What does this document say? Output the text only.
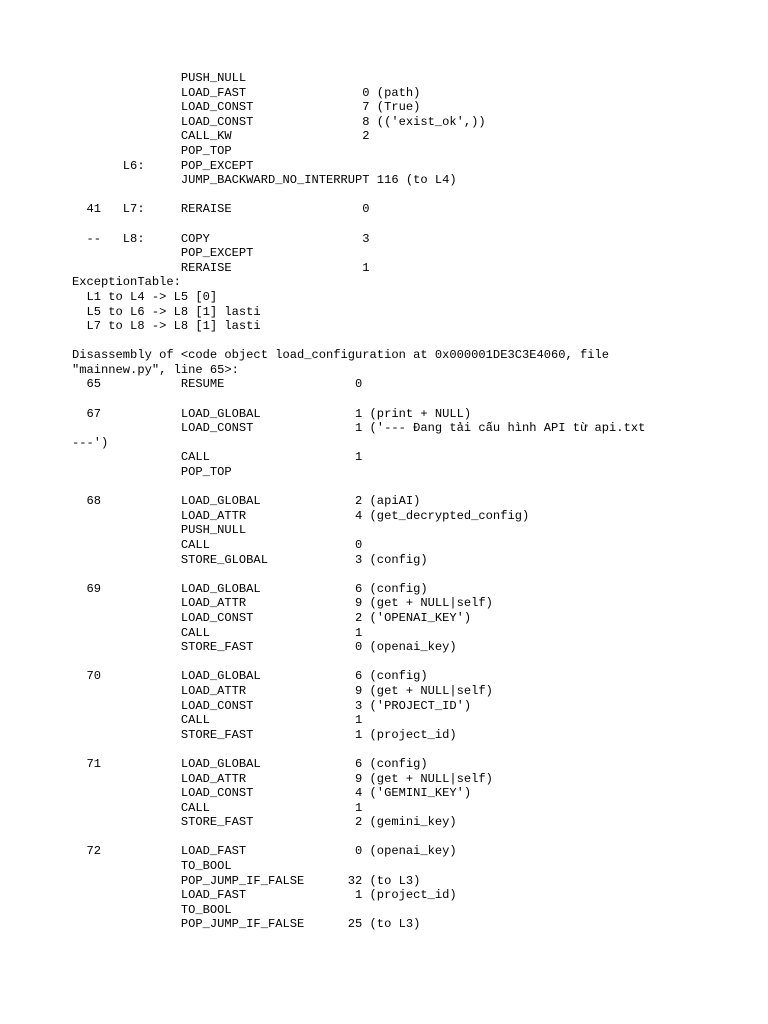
PUSH_NULL
LOAD_FAST                0 (path)
LOAD_CONST               7 (True)
LOAD_CONST               8 (('exist_ok',))
CALL_KW                  2
POP_TOP
L6:     POP_EXCEPT
JUMP_BACKWARD_NO_INTERRUPT 116 (to L4)
41   L7:     RERAISE                  0
--   L8:     COPY                     3
POP_EXCEPT
RERAISE                  1
ExceptionTable:
L1 to L4 -> L5 [0]
L5 to L6 -> L8 [1] lasti
L7 to L8 -> L8 [1] lasti
Disassembly of <code object load_configuration at 0x000001DE3C3E4060, file
"mainnew.py", line 65>:
65           RESUME                  0
67           LOAD_GLOBAL             1 (print + NULL)
LOAD_CONST              1 ('--- Đang tải cấu hình API từ api.txt
---')
CALL                    1
POP_TOP
68           LOAD_GLOBAL             2 (apiAI)
LOAD_ATTR               4 (get_decrypted_config)
PUSH_NULL
CALL                    0
STORE_GLOBAL            3 (config)
69           LOAD_GLOBAL             6 (config)
LOAD_ATTR               9 (get + NULL|self)
LOAD_CONST              2 ('OPENAI_KEY')
CALL                    1
STORE_FAST              0 (openai_key)
70           LOAD_GLOBAL             6 (config)
LOAD_ATTR               9 (get + NULL|self)
LOAD_CONST              3 ('PROJECT_ID')
CALL                    1
STORE_FAST              1 (project_id)
71           LOAD_GLOBAL             6 (config)
LOAD_ATTR               9 (get + NULL|self)
LOAD_CONST              4 ('GEMINI_KEY')
CALL                    1
STORE_FAST              2 (gemini_key)
72           LOAD_FAST               0 (openai_key)
TO_BOOL
POP_JUMP_IF_FALSE      32 (to L3)
LOAD_FAST               1 (project_id)
TO_BOOL
POP_JUMP_IF_FALSE      25 (to L3)
